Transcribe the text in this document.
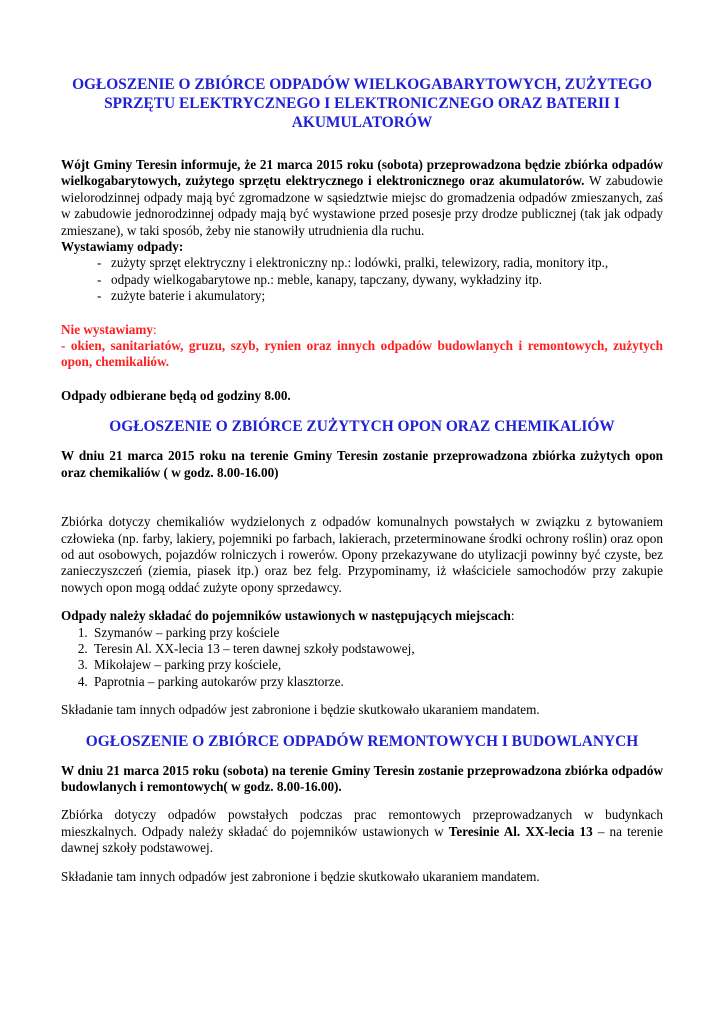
OGŁOSZENIE O ZBIÓRCE ODPADÓW WIELKOGABARYTOWYCH, ZUŻYTEGO SPRZĘTU ELEKTRYCZNEGO I ELEKTRONICZNEGO ORAZ BATERII I AKUMULATORÓW

Wójt Gminy Teresin informuje, że 21 marca 2015 roku (sobota) przeprowadzona będzie zbiórka odpadów wielkogabarytowych, zużytego sprzętu elektrycznego i elektronicznego oraz akumulatorów. W zabudowie wielorodzinnej odpady mają być zgromadzone w sąsiedztwie miejsc do gromadzenia odpadów zmieszanych, zaś w zabudowie jednorodzinnej odpady mają być wystawione przed posesje przy drodze publicznej (tak jak odpady zmieszane), w taki sposób, żeby nie stanowiły utrudnienia dla ruchu.

Wystawiamy odpady:

- zużyty sprzęt elektryczny i elektroniczny np.: lodówki, pralki, telewizory, radia, monitory itp.,
- odpady wielkogabarytowe np.: meble, kanapy, tapczany, dywany, wykładziny itp.
- zużyte baterie i akumulatory;

Nie wystawiamy:

- okien, sanitariatów, gruzu, szyb, rynien oraz innych odpadów budowlanych i remontowych, zużytych opon, chemikaliów.

Odpady odbierane będą od godziny 8.00.

OGŁOSZENIE O ZBIÓRCE ZUŻYTYCH OPON ORAZ CHEMIKALIÓW

W dniu 21 marca 2015 roku na terenie Gminy Teresin zostanie przeprowadzona zbiórka zużytych opon oraz chemikaliów ( w godz. 8.00-16.00)

Zbiórka dotyczy chemikaliów wydzielonych z odpadów komunalnych powstałych w związku z bytowaniem człowieka (np. farby, lakiery, pojemniki po farbach, lakierach, przeterminowane środki ochrony roślin) oraz opon od aut osobowych, pojazdów rolniczych i rowerów. Opony przekazywane do utylizacji powinny być czyste, bez zanieczyszczeń (ziemia, piasek itp.) oraz bez felg. Przypominamy, iż właściciele samochodów przy zakupie nowych opon mogą oddać zużyte opony sprzedawcy.

Odpady należy składać do pojemników ustawionych w następujących miejscach:

1. Szymanów – parking przy kościele
2. Teresin Al. XX-lecia 13 – teren dawnej szkoły podstawowej,
3. Mikołajew – parking przy kościele,
4. Paprotnia – parking autokarów przy klasztorze.

Składanie tam innych odpadów jest zabronione i będzie skutkowało ukaraniem mandatem.

OGŁOSZENIE O ZBIÓRCE ODPADÓW REMONTOWYCH I BUDOWLANYCH

W dniu 21 marca 2015 roku (sobota) na terenie Gminy Teresin zostanie przeprowadzona zbiórka odpadów budowlanych i remontowych( w godz. 8.00-16.00).

Zbiórka dotyczy odpadów powstałych podczas prac remontowych przeprowadzanych w budynkach mieszkalnych. Odpady należy składać do pojemników ustawionych w Teresinie Al. XX-lecia 13 – na terenie dawnej szkoły podstawowej.

Składanie tam innych odpadów jest zabronione i będzie skutkowało ukaraniem mandatem.
